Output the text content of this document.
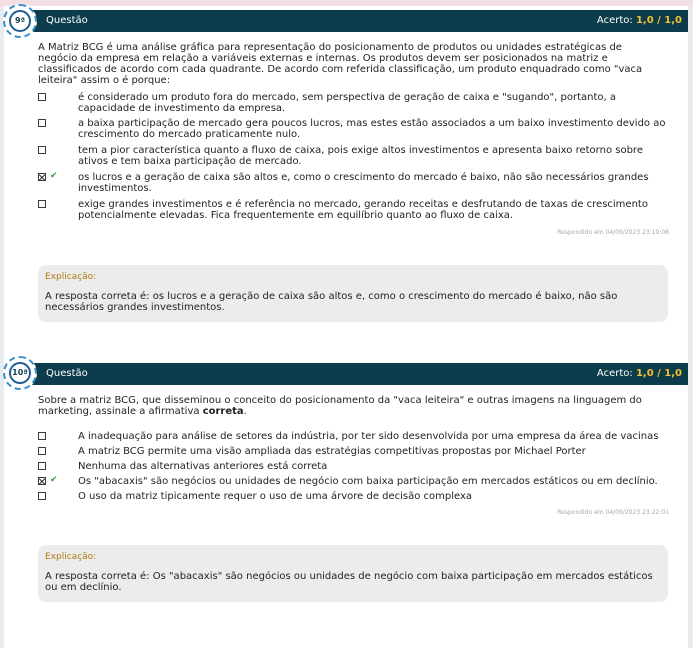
Questão	Acerto: 1,0 / 1,0
9ª
A Matriz BCG é uma análise gráfica para representação do posicionamento de produtos ou unidades estratégicas de negócio da empresa em relação a variáveis externas e internas. Os produtos devem ser posicionados na matriz e classificados de acordo com cada quadrante. De acordo com referida classificação, um produto enquadrado como "vaca leiteira" assim o é porque:
é considerado um produto fora do mercado, sem perspectiva de geração de caixa e "sugando", portanto, a capacidade de investimento da empresa.
a baixa participação de mercado gera poucos lucros, mas estes estão associados a um baixo investimento devido ao crescimento do mercado praticamente nulo.
tem a pior característica quanto a fluxo de caixa, pois exige altos investimentos e apresenta baixo retorno sobre ativos e tem baixa participação de mercado.
✔ os lucros e a geração de caixa são altos e, como o crescimento do mercado é baixo, não são necessários grandes investimentos.
exige grandes investimentos e é referência no mercado, gerando receitas e desfrutando de taxas de crescimento potencialmente elevadas. Fica frequentemente em equilíbrio quanto ao fluxo de caixa.
Respondido em 04/09/2023 23:19:08
Explicação:
A resposta correta é: os lucros e a geração de caixa são altos e, como o crescimento do mercado é baixo, não são necessários grandes investimentos.
Questão	Acerto: 1,0 / 1,0
10ª
Sobre a matriz BCG, que disseminou o conceito do posicionamento da "vaca leiteira" e outras imagens na linguagem do marketing, assinale a afirmativa correta.
A inadequação para análise de setores da indústria, por ter sido desenvolvida por uma empresa da área de vacinas
A matriz BCG permite uma visão ampliada das estratégias competitivas propostas por Michael Porter
Nenhuma das alternativas anteriores está correta
✔ Os "abacaxis" são negócios ou unidades de negócio com baixa participação em mercados estáticos ou em declínio.
O uso da matriz tipicamente requer o uso de uma árvore de decisão complexa
Respondido em 04/09/2023 23:22:01
Explicação:
A resposta correta é: Os "abacaxis" são negócios ou unidades de negócio com baixa participação em mercados estáticos ou em declínio.
